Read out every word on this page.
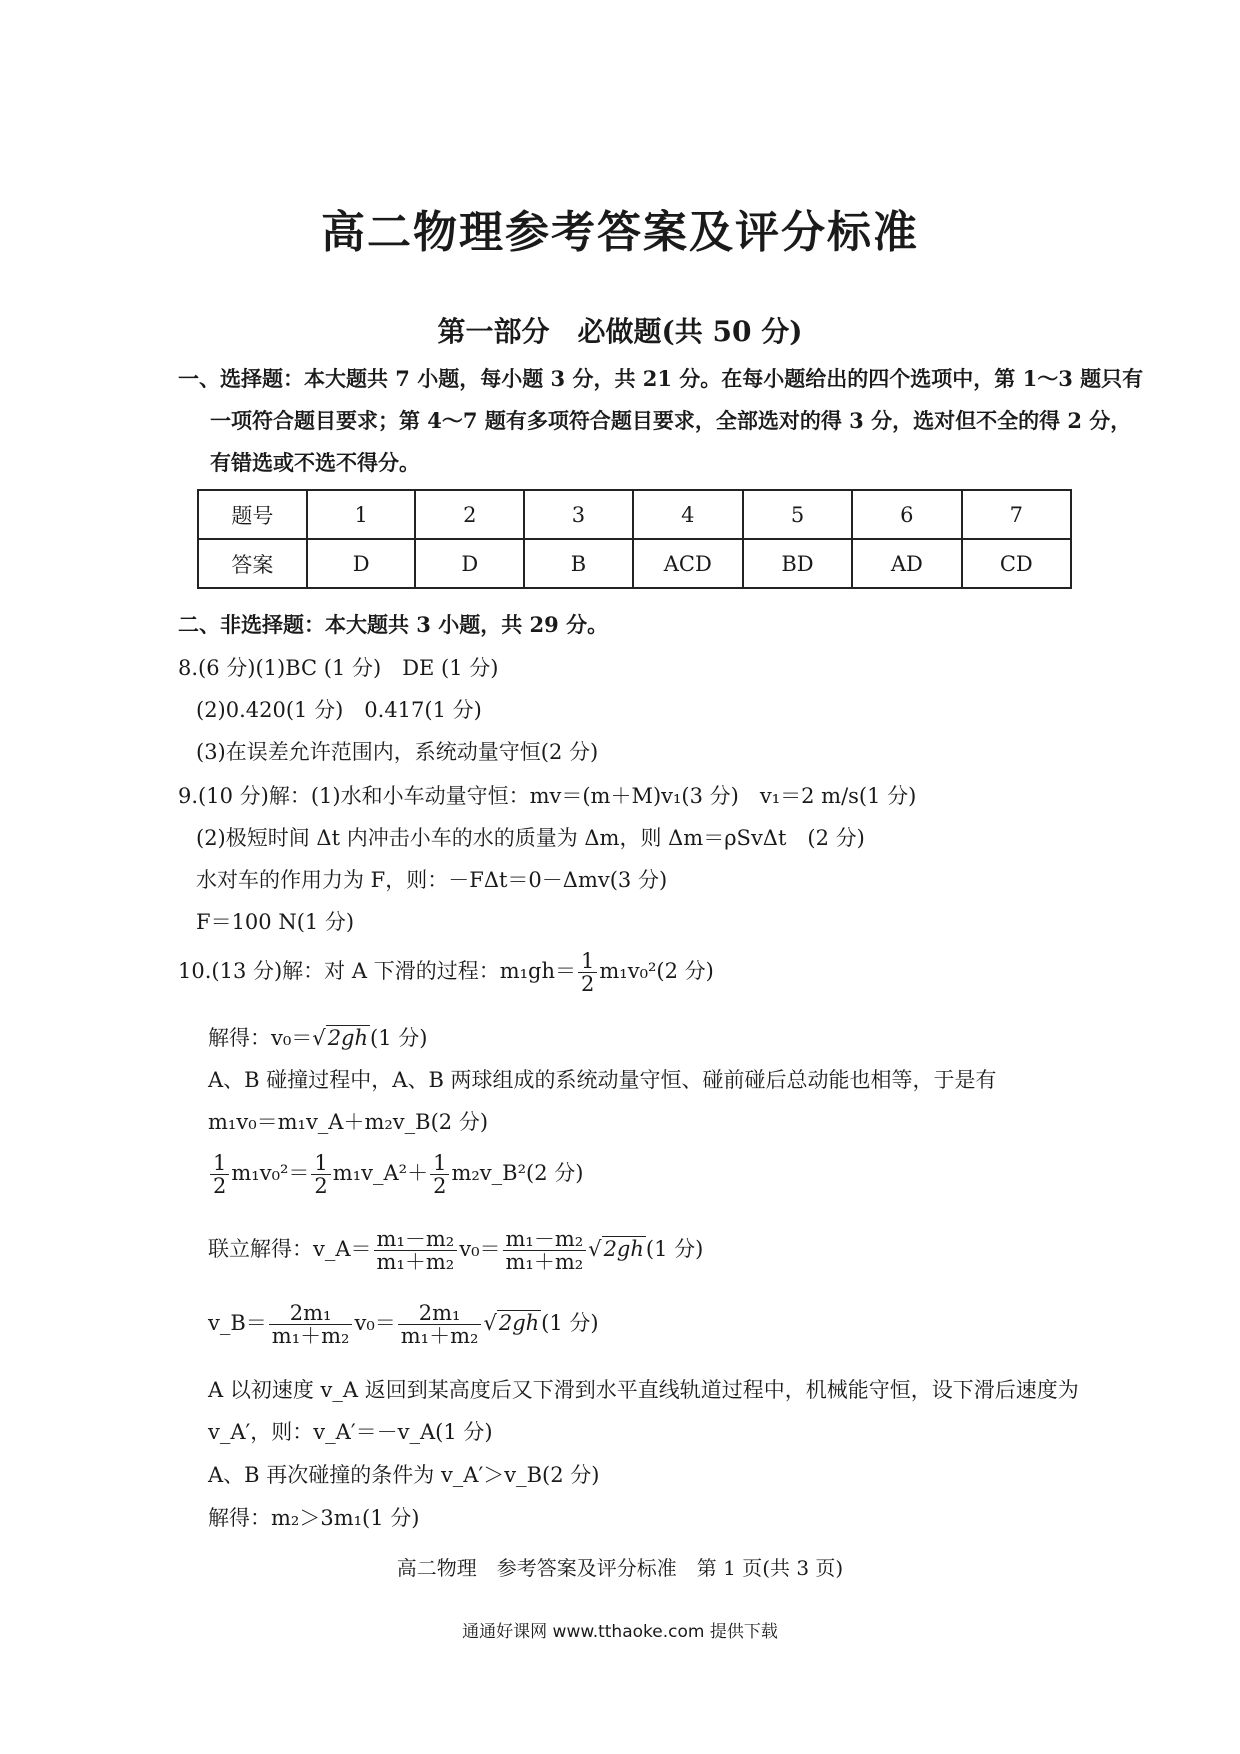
高二物理参考答案及评分标准
第一部分　必做题(共 50 分)
一、选择题：本大题共 7 小题，每小题 3 分，共 21 分。在每小题给出的四个选项中，第 1～3 题只有
一项符合题目要求；第 4～7 题有多项符合题目要求，全部选对的得 3 分，选对但不全的得 2 分，
有错选或不选不得分。
题号	1	2	3	4	5	6	7
答案	D	D	B	ACD	BD	AD	CD
二、非选择题：本大题共 3 小题，共 29 分。
8.(6 分)(1)BC (1 分)　DE (1 分)
(2)0.420(1 分)　0.417(1 分)
(3)在误差允许范围内，系统动量守恒(2 分)
9.(10 分)解：(1)水和小车动量守恒：mv＝(m＋M)v₁(3 分)　v₁＝2 m/s(1 分)
(2)极短时间 Δt 内冲击小车的水的质量为 Δm，则 Δm＝ρSvΔt　(2 分)
水对车的作用力为 F，则：－FΔt＝0－Δmv(3 分)
F＝100 N(1 分)
10.(13 分)解：对 A 下滑的过程：$m_1gh= \frac{1}{2} m_1v_0^2(2$ 分)
解得：v₀＝√2gh(1 分)
A、B 碰撞过程中，A、B 两球组成的系统动量守恒、碰前碰后总动能也相等，于是有
m₁v₀＝m₁v_A＋m₂v_B(2 分)
$\frac{1}{2} m_1v_0^2= \frac{1}{2}$ m₁v_A²＋ $\frac{1}{2}$ m₂v_B²(2 分)
联立解得：v_A＝ $\frac{\text{m₁－m₂}}{\text{m₁＋m₂}} v_0= \frac{\text{m₁－m₂}}{\text{m₁＋m₂}} √2gh(1$ 分)
v_B＝ $\frac{\text{2m₁}}{\text{m₁＋m₂}} v_0= \frac{\text{2m₁}}{\text{m₁＋m₂}} √2gh(1$ 分)
A 以初速度 v_A 返回到某高度后又下滑到水平直线轨道过程中，机械能守恒，设下滑后速度为
v_A′，则：v_A′＝－v_A(1 分)
A、B 再次碰撞的条件为 v_A′＞v_B(2 分)
解得：m₂＞3m₁(1 分)
高二物理　参考答案及评分标准　第 1 页(共 3 页)
通通好课网 www.tthaoke.com 提供下载
